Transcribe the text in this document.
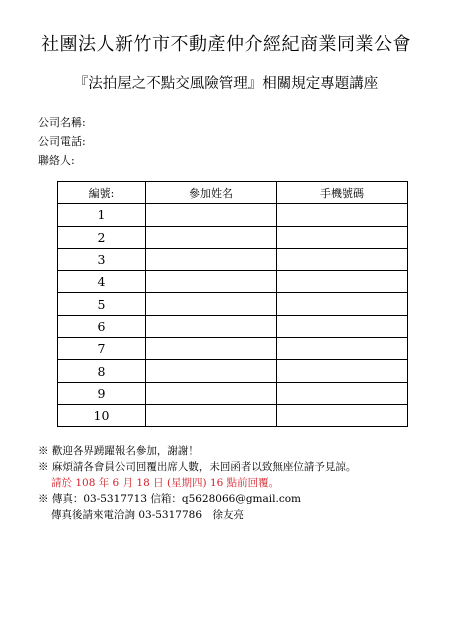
社團法人新竹市不動產仲介經紀商業同業公會
『法拍屋之不點交風險管理』相關規定專題講座
公司名稱:
公司電話:
聯絡人:
編號:	參加姓名	手機號碼
1		
2		
3		
4		
5		
6		
7		
8		
9		
10		
※ 歡迎各界踴躍報名參加，謝謝！
※ 麻煩請各會員公司回覆出席人數，未回函者以致無座位請予見諒。
請於 108 年 6 月 18 日 (星期四) 16 點前回覆。
※ 傳真：03-5317713 信箱：q5628066@gmail.com
傳真後請來電洽詢 03-5317786　徐友亮
